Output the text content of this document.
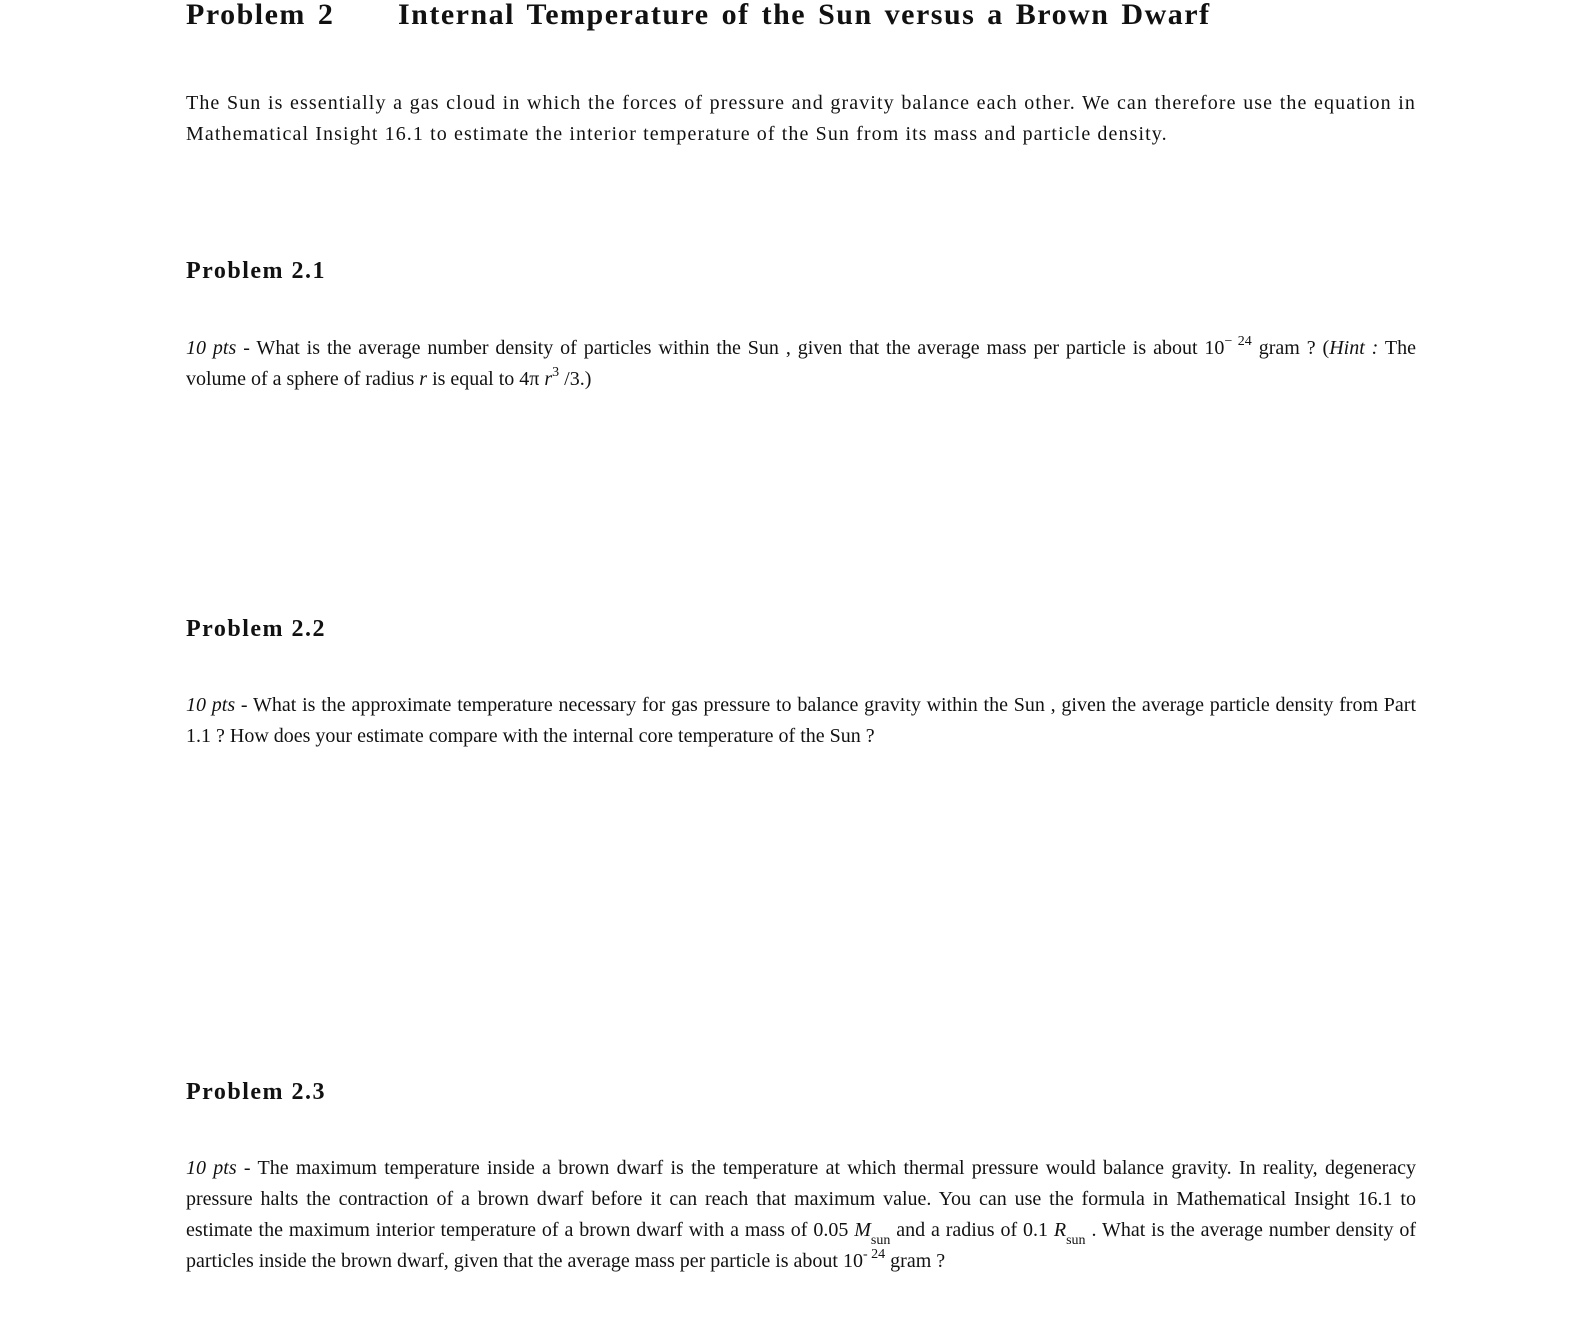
Problem 2 Internal Temperature of the Sun versus a Brown Dwarf

The Sun is essentially a gas cloud in which the forces of pressure and gravity balance each other. We can therefore use the equation in Mathematical Insight 16.1 to estimate the interior temperature of the Sun from its mass and particle density.

Problem 2.1

10 pts - What is the average number density of particles within the Sun , given that the average mass per particle is about $10^{- 24}$ gram ? (Hint : The volume of a sphere of radius r is equal to 4π $r^3$ /3.)

Problem 2.2

10 pts - What is the approximate temperature necessary for gas pressure to balance gravity within the Sun , given the average particle density from Part 1.1 ? How does your estimate compare with the internal core temperature of the Sun ?

Problem 2.3

10 pts - The maximum temperature inside a brown dwarf is the temperature at which thermal pressure would balance gravity. In reality, degeneracy pressure halts the contraction of a brown dwarf before it can reach that maximum value. You can use the formula in Mathematical Insight 16.1 to estimate the maximum interior temperature of a brown dwarf with a mass of 0.05 $M_{sun}$ and a radius of 0.1 $R_{sun}$ . What is the average number density of particles inside the brown dwarf, given that the average mass per particle is about $10^{- 24}$ gram ?
